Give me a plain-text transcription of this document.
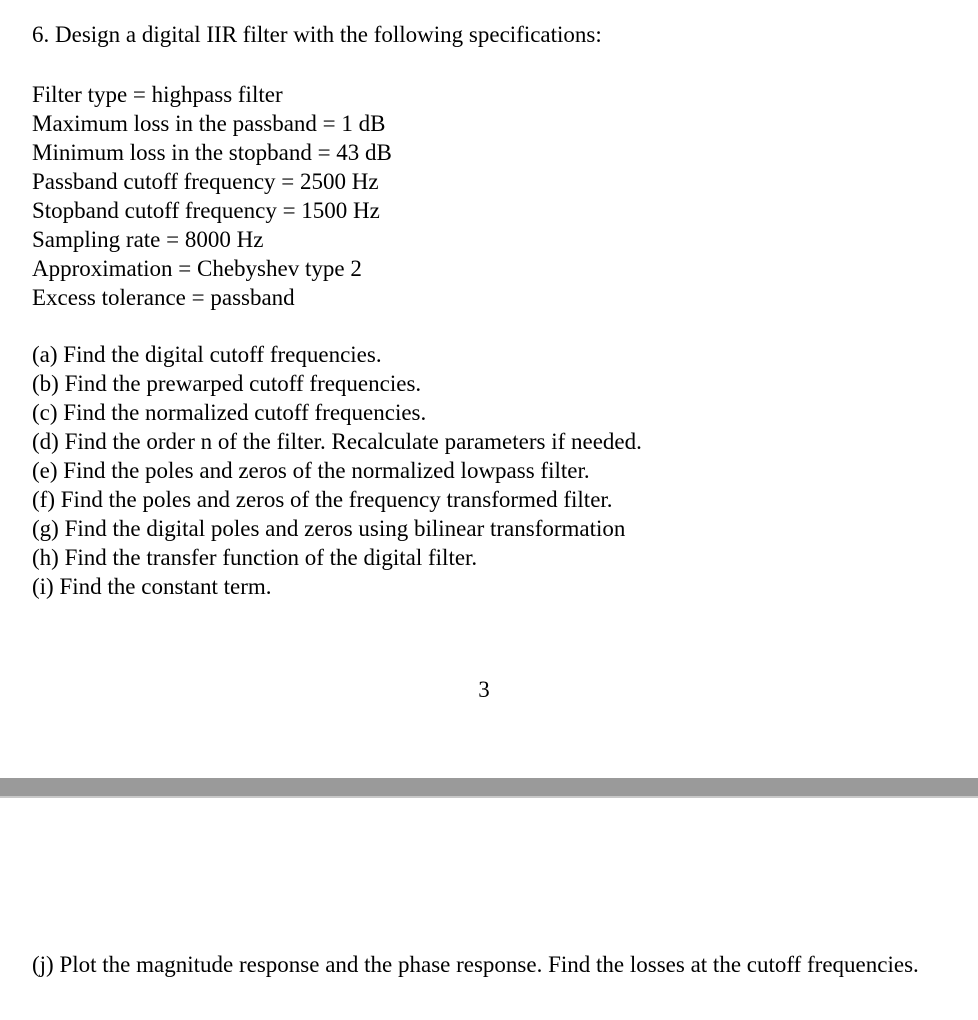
6. Design a digital IIR filter with the following specifications:
Filter type = highpass filter
Maximum loss in the passband = 1 dB
Minimum loss in the stopband = 43 dB
Passband cutoff frequency = 2500 Hz
Stopband cutoff frequency = 1500 Hz
Sampling rate = 8000 Hz
Approximation = Chebyshev type 2
Excess tolerance = passband
(a) Find the digital cutoff frequencies.
(b) Find the prewarped cutoff frequencies.
(c) Find the normalized cutoff frequencies.
(d) Find the order n of the filter. Recalculate parameters if needed.
(e) Find the poles and zeros of the normalized lowpass filter.
(f) Find the poles and zeros of the frequency transformed filter.
(g) Find the digital poles and zeros using bilinear transformation
(h) Find the transfer function of the digital filter.
(i) Find the constant term.
3
(j) Plot the magnitude response and the phase response. Find the losses at the cutoff frequencies.
